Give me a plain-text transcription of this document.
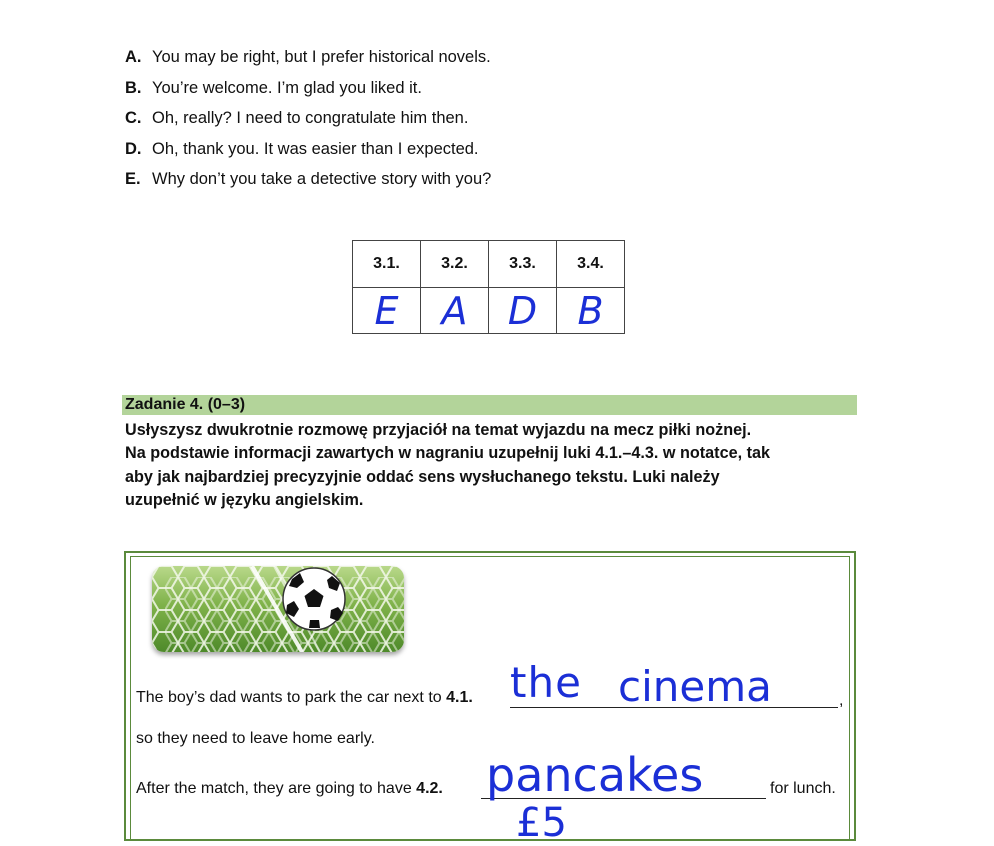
A. You may be right, but I prefer historical novels.
B. You’re welcome. I’m glad you liked it.
C. Oh, really? I need to congratulate him then.
D. Oh, thank you. It was easier than I expected.
E. Why don’t you take a detective story with you?
3.1.	3.2.	3.3.	3.4.
E	A	D	B
Zadanie 4. (0–3)
Usłyszysz dwukrotnie rozmowę przyjaciół na temat wyjazdu na mecz piłki nożnej.
Na podstawie informacji zawartych w nagraniu uzupełnij luki 4.1.–4.3. w notatce, tak
aby jak najbardziej precyzyjnie oddać sens wysłuchanego tekstu. Luki należy
uzupełnić w języku angielskim.
The boy’s dad wants to park the car next to 4.1.	,
the cinema
so they need to leave home early.
After the match, they are going to have 4.2.	for lunch.
pancakes
£5
